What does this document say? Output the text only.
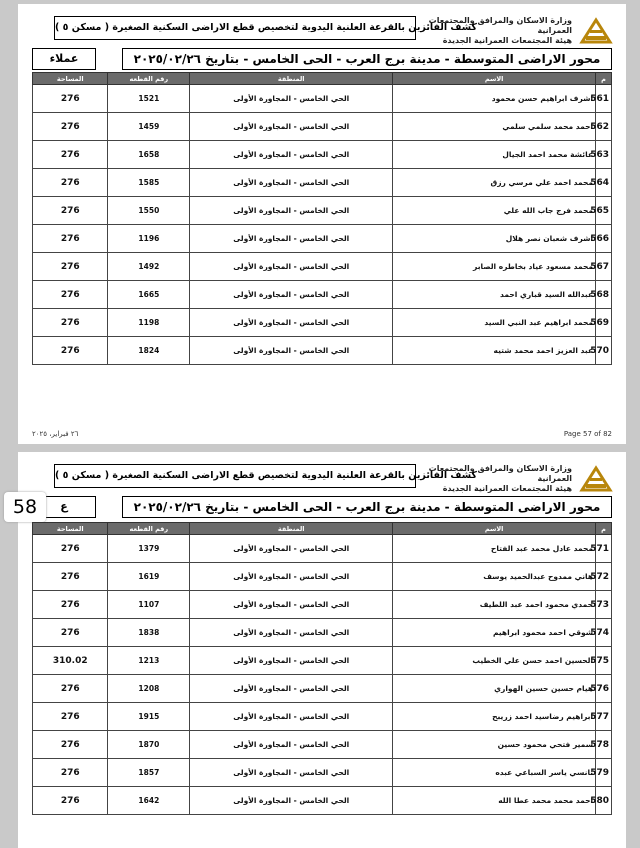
وزارة الاسكان والمرافق والمجتمعات العمرانية
هيئة المجتمعات العمرانية الجديدة
كشف الفائزين بالقرعة العلنية اليدوية لتخصيص قطع الاراضى السكنية الصغيرة ( مسكن ٥ )
محور الاراضى المتوسطة - مدينة برج العرب - الحى الخامس - بتاريخ ٢٠٢٥/٠٢/٢٦
عملاء
م	الاسم	المنطقة	رقم القطعه	المساحة
561	اشرف ابراهيم حسن محمود	الحي الخامس - المجاورة الأولى	1521	276
562	احمد محمد سلمي سلمي	الحي الخامس - المجاورة الأولى	1459	276
563	عائشة محمد احمد الجيال	الحي الخامس - المجاورة الأولى	1658	276
564	محمد احمد علي مرسي رزق	الحي الخامس - المجاورة الأولى	1585	276
565	محمد فرج جاب الله علي	الحي الخامس - المجاورة الأولى	1550	276
566	اشرف شعبان نصر هلال	الحي الخامس - المجاورة الأولى	1196	276
567	محمد مسعود عياد بخاطره الصابر	الحي الخامس - المجاورة الأولى	1492	276
568	عبدالله السيد قباري احمد	الحي الخامس - المجاورة الأولى	1665	276
569	محمد ابراهيم عبد النبي السيد	الحي الخامس - المجاورة الأولى	1198	276
570	عبد العزيز احمد محمد شتيه	الحي الخامس - المجاورة الأولى	1824	276
Page 57 of 82
٢٦ فبراير، ٢٠٢٥
وزارة الاسكان والمرافق والمجتمعات العمرانية
هيئة المجتمعات العمرانية الجديدة
كشف الفائزين بالقرعة العلنية اليدوية لتخصيص قطع الاراضى السكنية الصغيرة ( مسكن ٥ )
محور الاراضى المتوسطة - مدينة برج العرب - الحى الخامس - بتاريخ ٢٠٢٥/٠٢/٢٦
ع
58
م	الاسم	المنطقة	رقم القطعه	المساحة
571	محمد عادل محمد عبد الفتاح	الحي الخامس - المجاورة الأولى	1379	276
572	هاني ممدوح عبدالحميد يوسف	الحي الخامس - المجاورة الأولى	1619	276
573	حمدي محمود احمد عبد اللطيف	الحي الخامس - المجاورة الأولى	1107	276
574	شوقي احمد محمود ابراهيم	الحي الخامس - المجاورة الأولى	1838	276
575	الحسين احمد حسن علي الخطيب	الحي الخامس - المجاورة الأولى	1213	310.02
576	هيام حسين حسين الهواري	الحي الخامس - المجاورة الأولى	1208	276
577	ابراهيم رضاسيد احمد زريبح	الحي الخامس - المجاورة الأولى	1915	276
578	سمير فتحي محمود حسين	الحي الخامس - المجاورة الأولى	1870	276
579	نانسي ياسر السباعي عبده	الحي الخامس - المجاورة الأولى	1857	276
580	احمد محمد محمد عطا الله	الحي الخامس - المجاورة الأولى	1642	276
